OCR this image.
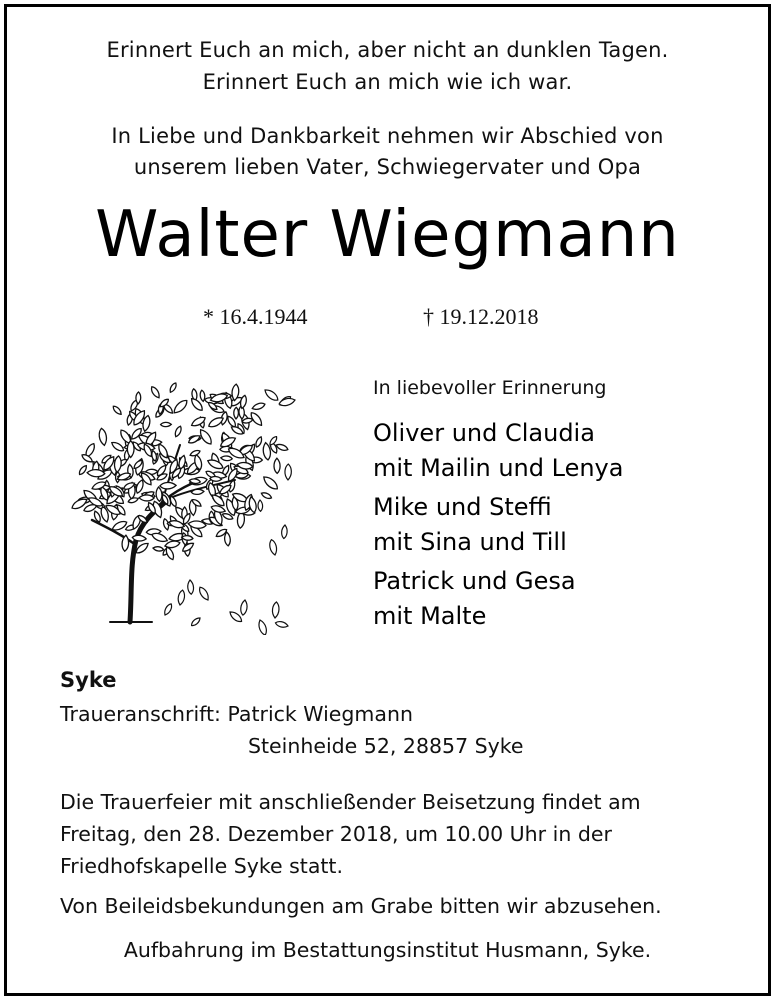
Erinnert Euch an mich, aber nicht an dunklen Tagen.
Erinnert Euch an mich wie ich war.
In Liebe und Dankbarkeit nehmen wir Abschied von
unserem lieben Vater, Schwiegervater und Opa
Walter Wiegmann
* 16.4.1944	† 19.12.2018
In liebevoller Erinnerung
Oliver und Claudia
mit Mailin und Lenya
Mike und Steffi
mit Sina und Till
Patrick und Gesa
mit Malte
Syke
Traueranschrift: Patrick Wiegmann
Steinheide 52, 28857 Syke
Die Trauerfeier mit anschließender Beisetzung findet am
Freitag, den 28. Dezember 2018, um 10.00 Uhr in der
Friedhofskapelle Syke statt.
Von Beileidsbekundungen am Grabe bitten wir abzusehen.
Aufbahrung im Bestattungsinstitut Husmann, Syke.
